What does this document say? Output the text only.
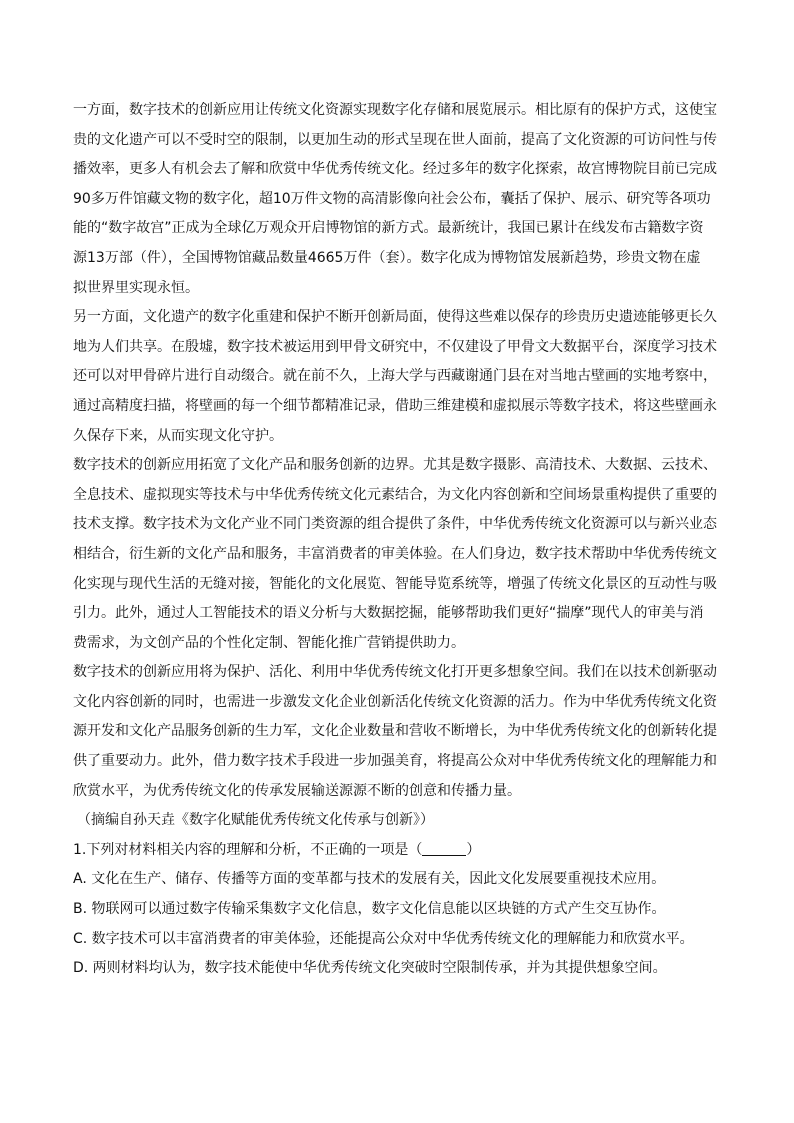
一方面，数字技术的创新应用让传统文化资源实现数字化存储和展览展示。相比原有的保护方式，这使宝
贵的文化遗产可以不受时空的限制，以更加生动的形式呈现在世人面前，提高了文化资源的可访问性与传
播效率，更多人有机会去了解和欣赏中华优秀传统文化。经过多年的数字化探索，故宫博物院目前已完成
90多万件馆藏文物的数字化，超10万件文物的高清影像向社会公布，囊括了保护、展示、研究等各项功
能的“数字故宫”正成为全球亿万观众开启博物馆的新方式。最新统计，我国已累计在线发布古籍数字资
源13万部（件），全国博物馆藏品数量4665万件（套）。数字化成为博物馆发展新趋势，珍贵文物在虚
拟世界里实现永恒。
另一方面，文化遗产的数字化重建和保护不断开创新局面，使得这些难以保存的珍贵历史遗迹能够更长久
地为人们共享。在殷墟，数字技术被运用到甲骨文研究中，不仅建设了甲骨文大数据平台，深度学习技术
还可以对甲骨碎片进行自动缀合。就在前不久，上海大学与西藏谢通门县在对当地古壁画的实地考察中，
通过高精度扫描，将壁画的每一个细节都精准记录，借助三维建模和虚拟展示等数字技术，将这些壁画永
久保存下来，从而实现文化守护。
数字技术的创新应用拓宽了文化产品和服务创新的边界。尤其是数字摄影、高清技术、大数据、云技术、
全息技术、虚拟现实等技术与中华优秀传统文化元素结合，为文化内容创新和空间场景重构提供了重要的
技术支撑。数字技术为文化产业不同门类资源的组合提供了条件，中华优秀传统文化资源可以与新兴业态
相结合，衍生新的文化产品和服务，丰富消费者的审美体验。在人们身边，数字技术帮助中华优秀传统文
化实现与现代生活的无缝对接，智能化的文化展览、智能导览系统等，增强了传统文化景区的互动性与吸
引力。此外，通过人工智能技术的语义分析与大数据挖掘，能够帮助我们更好“揣摩”现代人的审美与消
费需求，为文创产品的个性化定制、智能化推广营销提供助力。
数字技术的创新应用将为保护、活化、利用中华优秀传统文化打开更多想象空间。我们在以技术创新驱动
文化内容创新的同时，也需进一步激发文化企业创新活化传统文化资源的活力。作为中华优秀传统文化资
源开发和文化产品服务创新的生力军，文化企业数量和营收不断增长，为中华优秀传统文化的创新转化提
供了重要动力。此外，借力数字技术手段进一步加强美育，将提高公众对中华优秀传统文化的理解能力和
欣赏水平，为优秀传统文化的传承发展输送源源不断的创意和传播力量。

（摘编自孙天垚《数字化赋能优秀传统文化传承与创新》）

1.下列对材料相关内容的理解和分析，不正确的一项是（	）

A. 文化在生产、储存、传播等方面的变革都与技术的发展有关，因此文化发展要重视技术应用。

B. 物联网可以通过数字传输采集数字文化信息，数字文化信息能以区块链的方式产生交互协作。

C. 数字技术可以丰富消费者的审美体验，还能提高公众对中华优秀传统文化的理解能力和欣赏水平。

D. 两则材料均认为，数字技术能使中华优秀传统文化突破时空限制传承，并为其提供想象空间。
